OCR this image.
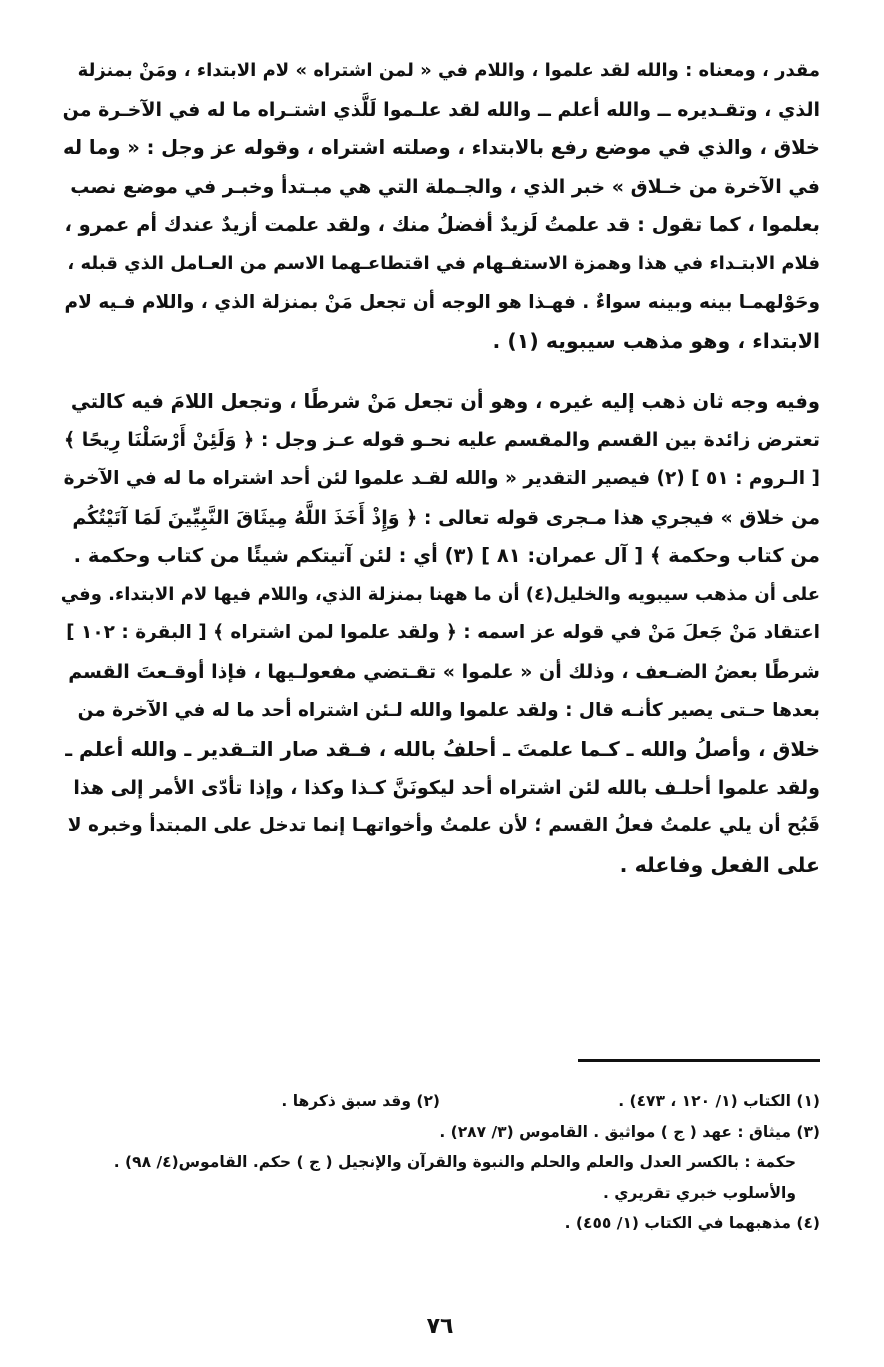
مقدر ، ومعناه : والله لقد علموا ، واللام في « لمن اشتراه » لام الابتداء ، ومَنْ بمنزلة
الذي ، وتقـديره ــ والله أعلم ــ والله لقد علـموا لَلَّذي اشتـراه ما له في الآخـرة من
خلاق ، والذي في موضع رفع بالابتداء ، وصلته اشتراه ، وقوله عز وجل : « وما له
في الآخرة من خـلاق » خبر الذي ، والجـملة التي هي مبـتدأ وخبـر في موضع نصب
بعلموا ، كما تقول : قد علمتُ لَزيدٌ أفضلُ منك ، ولقد علمت أزيدٌ عندك أم عمرو ،
فلام الابتـداء في هذا وهمزة الاستفـهام في اقتطاعـهما الاسم من العـامل الذي قبله ،
وحَوْلهمـا بينه وبينه سواءٌ . فهـذا هو الوجه أن تجعل مَنْ بمنزلة الذي ، واللام فـيه لام
الابتداء ، وهو مذهب سيبويه (١) .

وفيه وجه ثان ذهب إليه غيره ، وهو أن تجعل مَنْ شرطًا ، وتجعل اللامَ فيه كالتي
تعترض زائدة بين القسم والمقسم عليه نحـو قوله عـز وجل : ﴿ وَلَئِنْ أَرْسَلْنَا رِيحًا ﴾
[ الـروم : ٥١ ] (٢) فيصير التقدير « والله لقـد علموا لئن أحد اشتراه ما له في الآخرة
من خلاق » فيجري هذا مـجرى قوله تعالى : ﴿ وَإِذْ أَخَذَ اللَّهُ مِيثَاقَ النَّبِيِّينَ لَمَا آتَيْتُكُم
من كتاب وحكمة ﴾ [ آل عمران: ٨١ ] (٣) أي : لئن آتيتكم شيئًا من كتاب وحكمة .
على أن مذهب سيبويه والخليل(٤) أن ما ههنا بمنزلة الذي، واللام فيها لام الابتداء. وفي
اعتقاد مَنْ جَعلَ مَنْ في قوله عز اسمه : ﴿ ولقد علموا لمن اشتراه ﴾ [ البقرة : ١٠٢ ]
شرطًا بعضُ الضـعف ، وذلك أن « علموا » تقـتضي مفعولـيها ، فإذا أوقـعتَ القسم
بعدها حـتى يصير كأنـه قال : ولقد علموا والله لـئن اشتراه أحد ما له في الآخرة من
خلاق ، وأصلُ والله ـ كـما علمتَ ـ أحلفُ بالله ، فـقد صار التـقدير ـ والله أعلم ـ
ولقد علموا أحلـف بالله لئن اشتراه أحد ليكونَنَّ كـذا وكذا ، وإذا تأدّى الأمر إلى هذا
قَبُح أن يلي علمتُ فعلُ القسم ؛ لأن علمتُ وأخواتهـا إنما تدخل على المبتدأ وخبره لا
على الفعل وفاعله .

(١) الكتاب (١/ ١٢٠ ، ٤٧٣) .
(٢) وقد سبق ذكرها .
(٣) ميثاق : عهد ( ج ) مواثيق . القاموس (٣/ ٢٨٧) .
حكمة : بالكسر العدل والعلم والحلم والنبوة والقرآن والإنجيل ( ج ) حكم. القاموس(٤/ ٩٨) .
والأسلوب خبري تقريري .
(٤) مذهبهما في الكتاب (١/ ٤٥٥) .
٧٦
